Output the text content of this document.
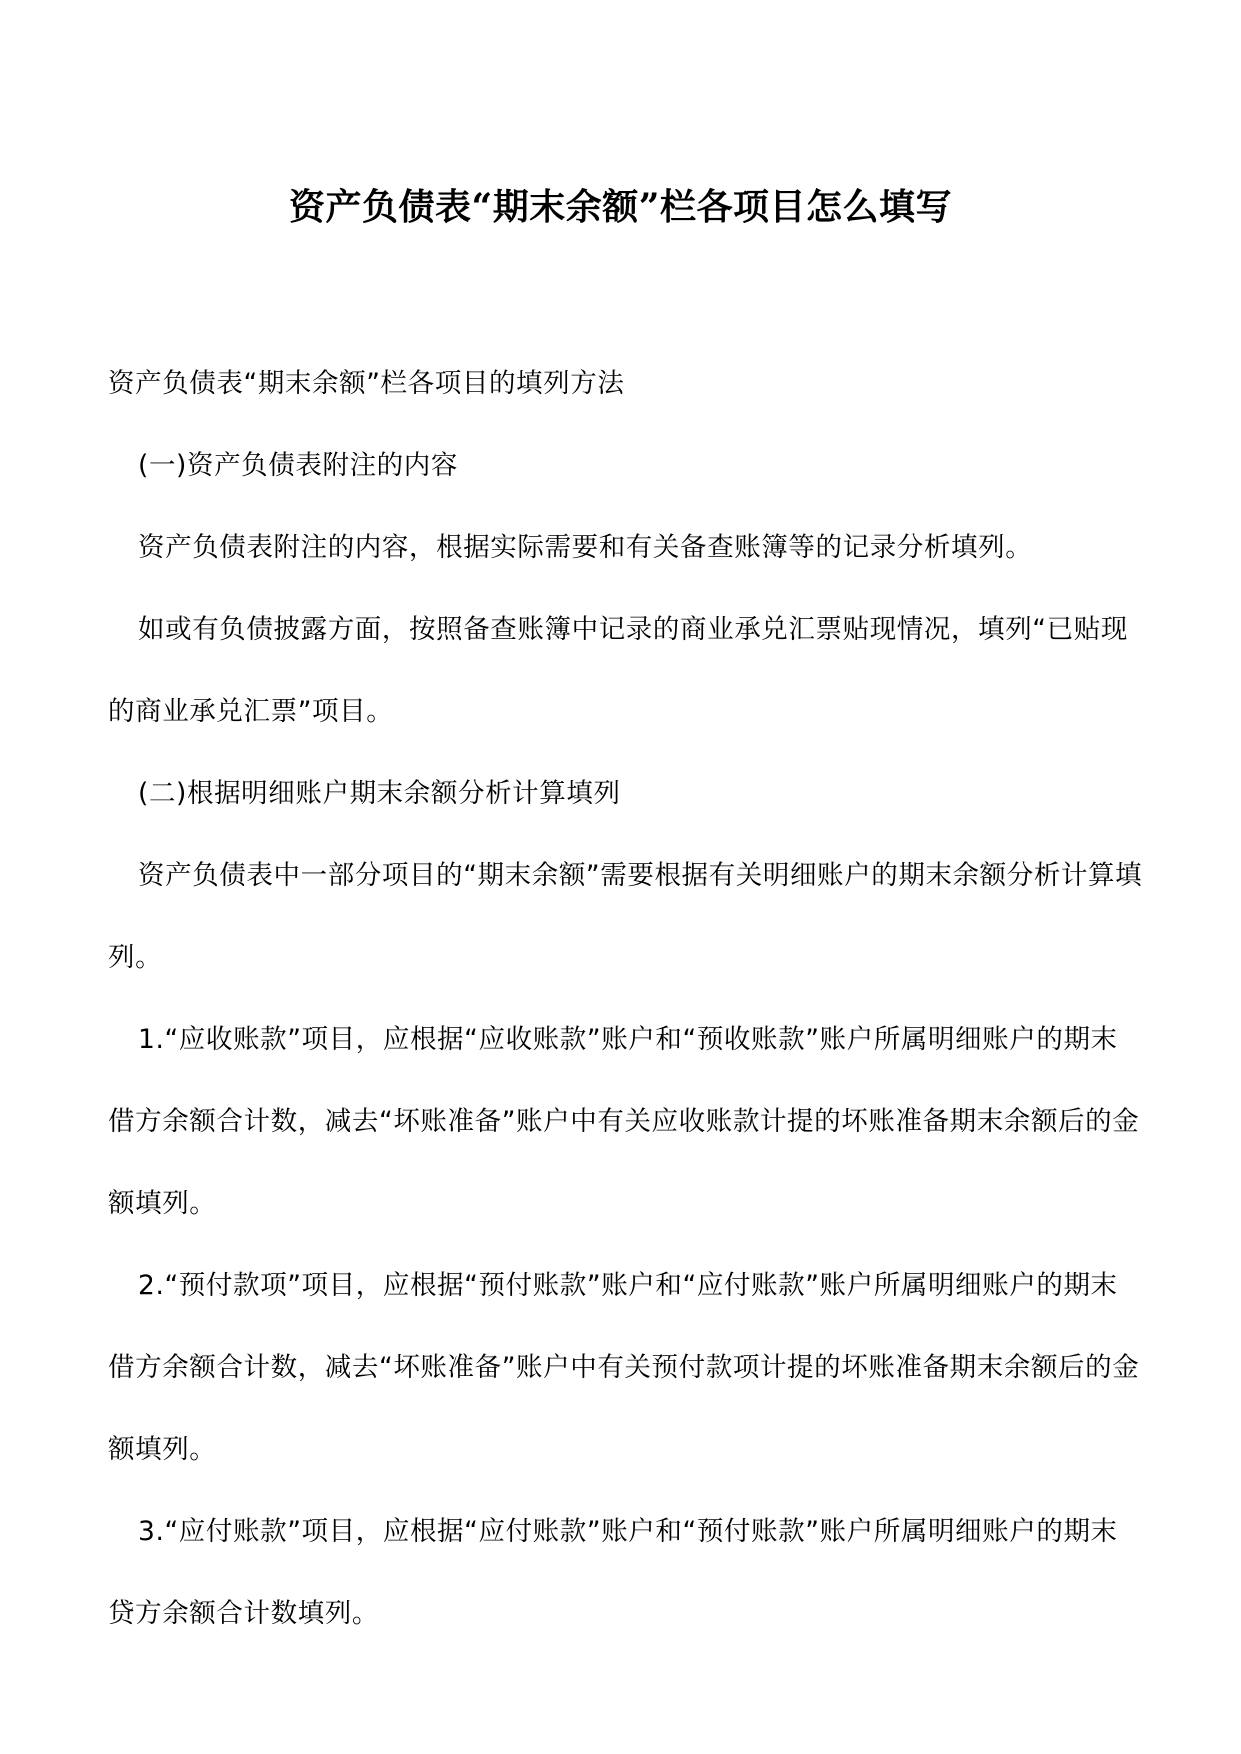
资产负债表“期末余额”栏各项目怎么填写

资产负债表“期末余额”栏各项目的填列方法

(一)资产负债表附注的内容

资产负债表附注的内容，根据实际需要和有关备查账簿等的记录分析填列。

如或有负债披露方面，按照备查账簿中记录的商业承兑汇票贴现情况，填列“已贴现的商业承兑汇票”项目。

(二)根据明细账户期末余额分析计算填列

资产负债表中一部分项目的“期末余额”需要根据有关明细账户的期末余额分析计算填列。

1.“应收账款”项目，应根据“应收账款”账户和“预收账款”账户所属明细账户的期末借方余额合计数，减去“坏账准备”账户中有关应收账款计提的坏账准备期末余额后的金额填列。

2.“预付款项”项目，应根据“预付账款”账户和“应付账款”账户所属明细账户的期末借方余额合计数，减去“坏账准备”账户中有关预付款项计提的坏账准备期末余额后的金额填列。

3.“应付账款”项目，应根据“应付账款”账户和“预付账款”账户所属明细账户的期末贷方余额合计数填列。
